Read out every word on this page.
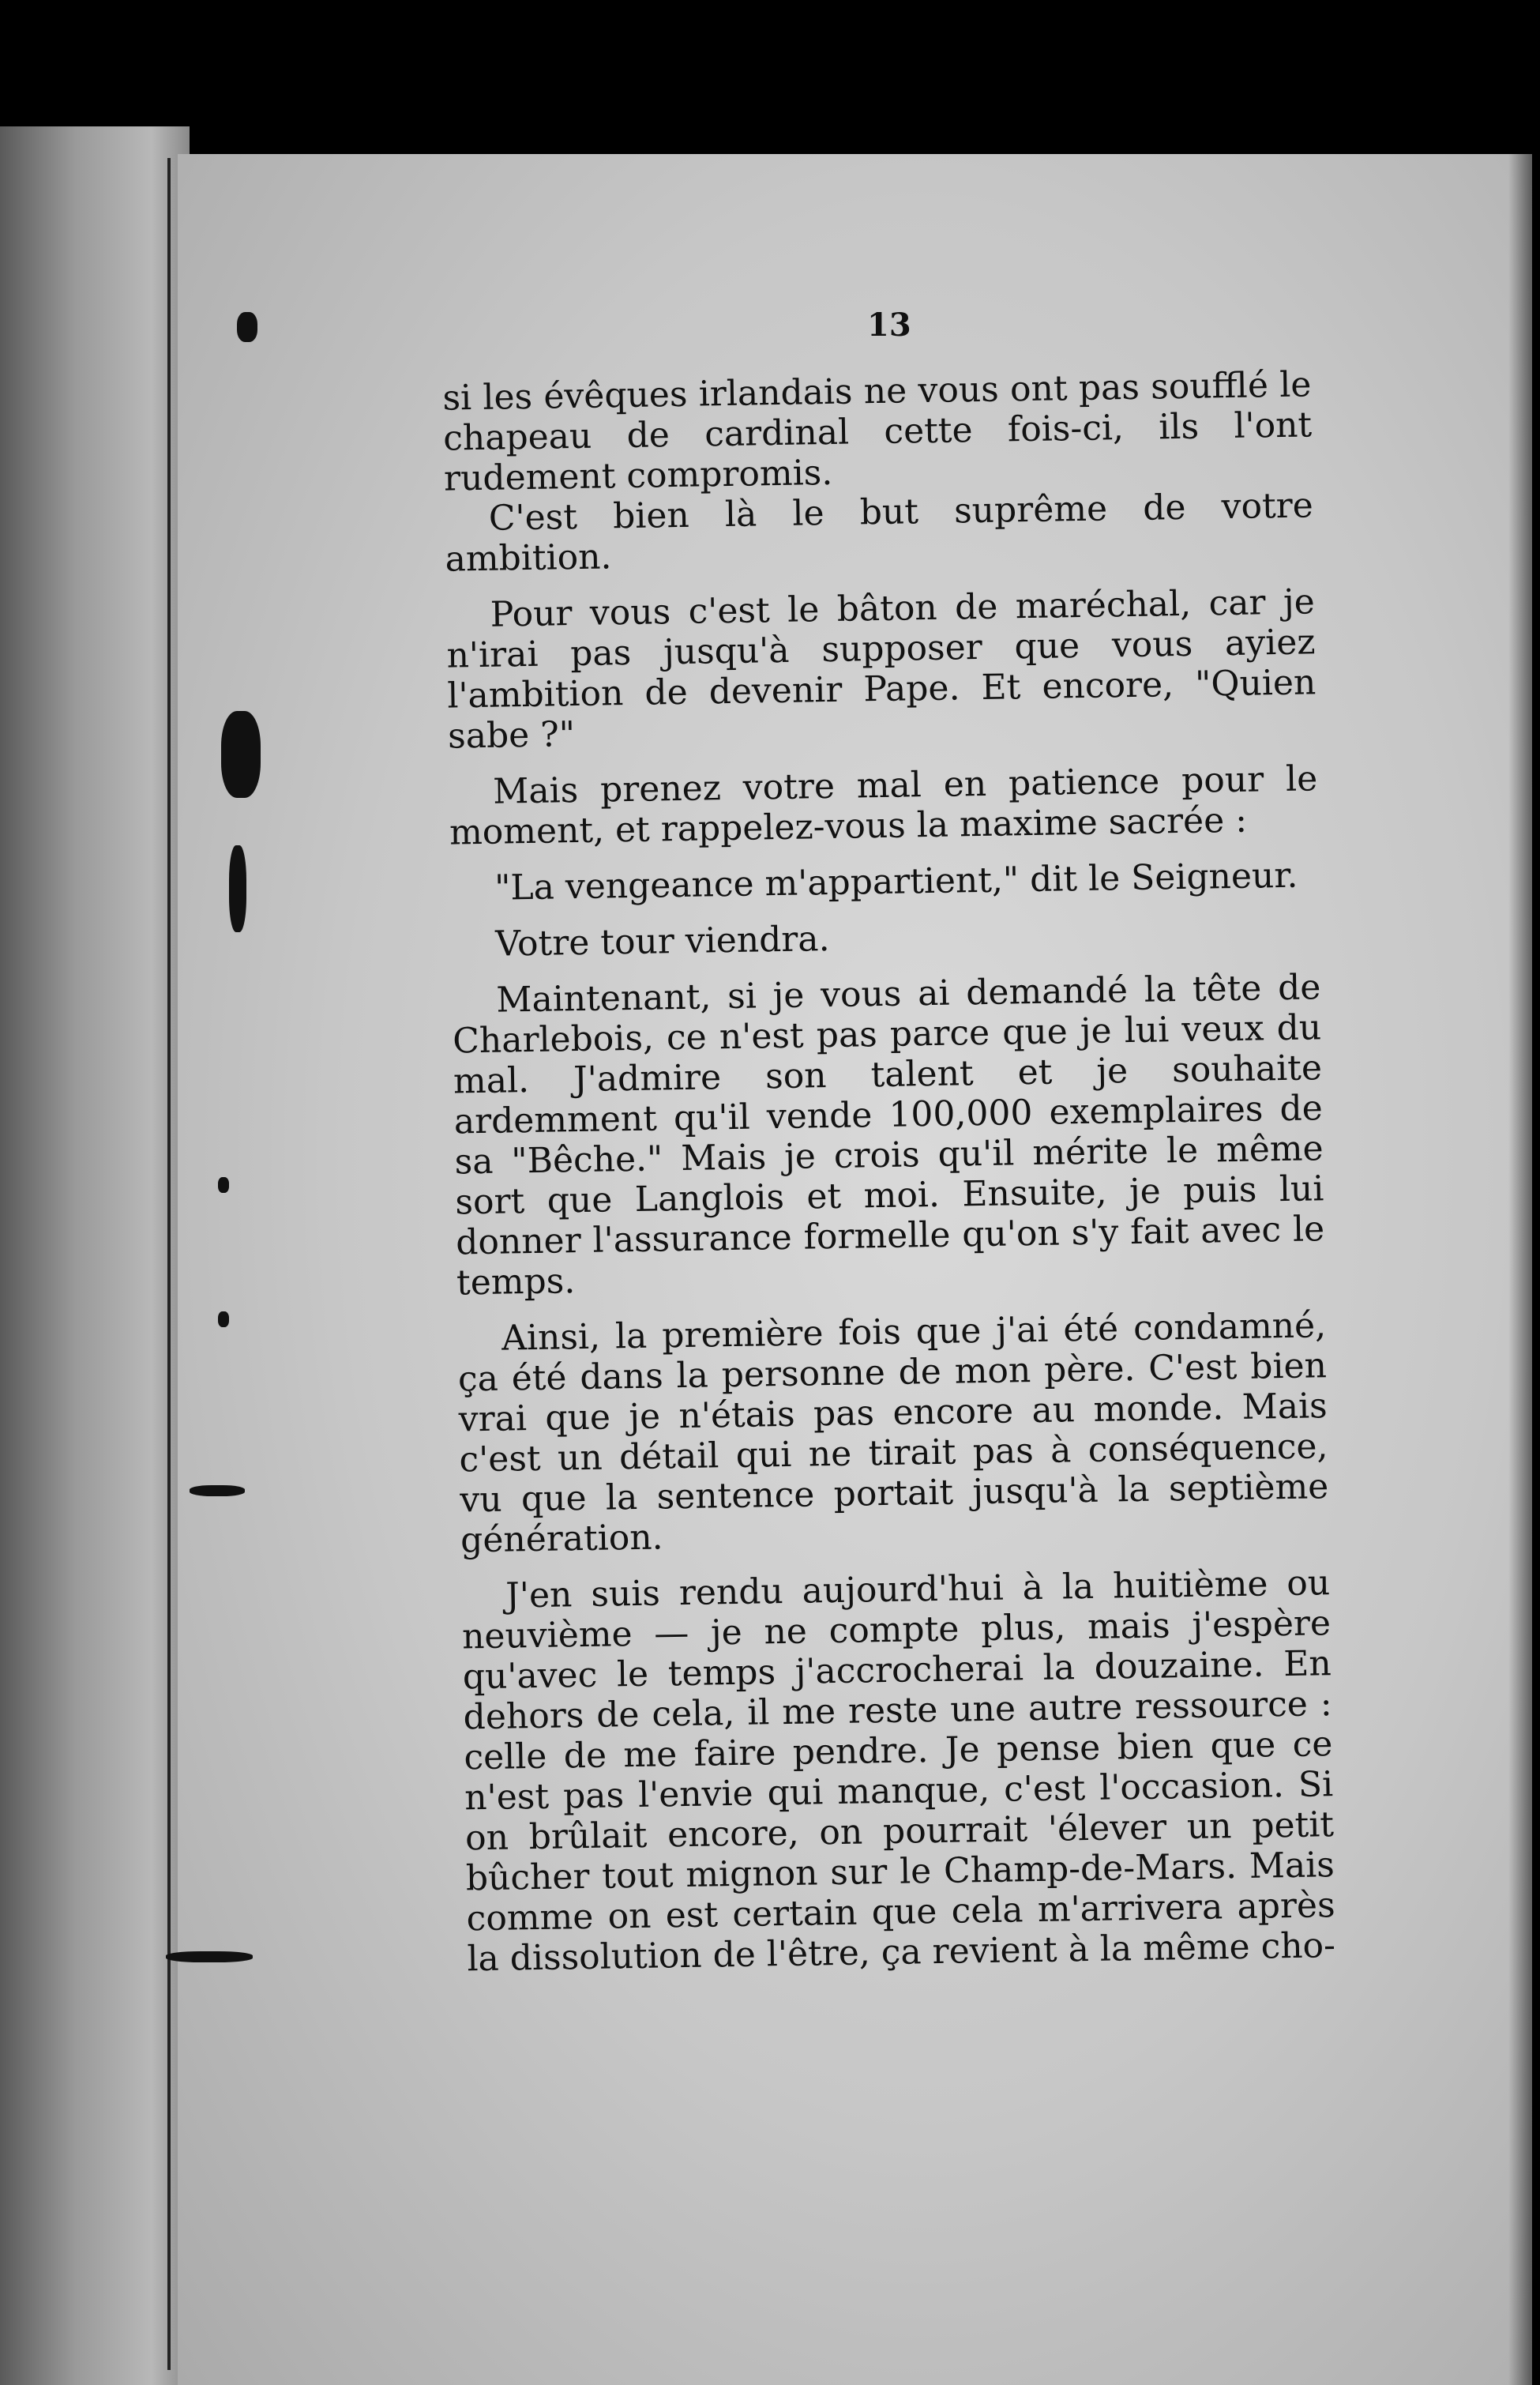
13

si les évêques irlandais ne vous ont pas soufflé le chapeau de cardinal cette fois-ci, ils l'ont rudement compromis.

C'est bien là le but suprême de votre ambition.

Pour vous c'est le bâton de maréchal, car je n'irai pas jusqu'à supposer que vous ayiez l'ambition de devenir Pape. Et encore, "Quien sabe ?"

Mais prenez votre mal en patience pour le moment, et rappelez-vous la maxime sacrée :

"La vengeance m'appartient," dit le Seigneur.

Votre tour viendra.

Maintenant, si je vous ai demandé la tête de Charlebois, ce n'est pas parce que je lui veux du mal. J'admire son talent et je souhaite ardemment qu'il vende 100,000 exemplaires de sa "Bêche." Mais je crois qu'il mérite le même sort que Langlois et moi. Ensuite, je puis lui donner l'assurance formelle qu'on s'y fait avec le temps.

Ainsi, la première fois que j'ai été condamné, ça été dans la personne de mon père. C'est bien vrai que je n'étais pas encore au monde. Mais c'est un détail qui ne tirait pas à conséquence, vu que la sentence portait jusqu'à la septième génération.

J'en suis rendu aujourd'hui à la huitième ou neuvième — je ne compte plus, mais j'espère qu'avec le temps j'accrocherai la douzaine. En dehors de cela, il me reste une autre ressource : celle de me faire pendre. Je pense bien que ce n'est pas l'envie qui manque, c'est l'occasion. Si on brûlait encore, on pourrait 'élever un petit bûcher tout mignon sur le Champ-de-Mars. Mais comme on est certain que cela m'arrivera après la dissolution de l'être, ça revient à la même cho-
